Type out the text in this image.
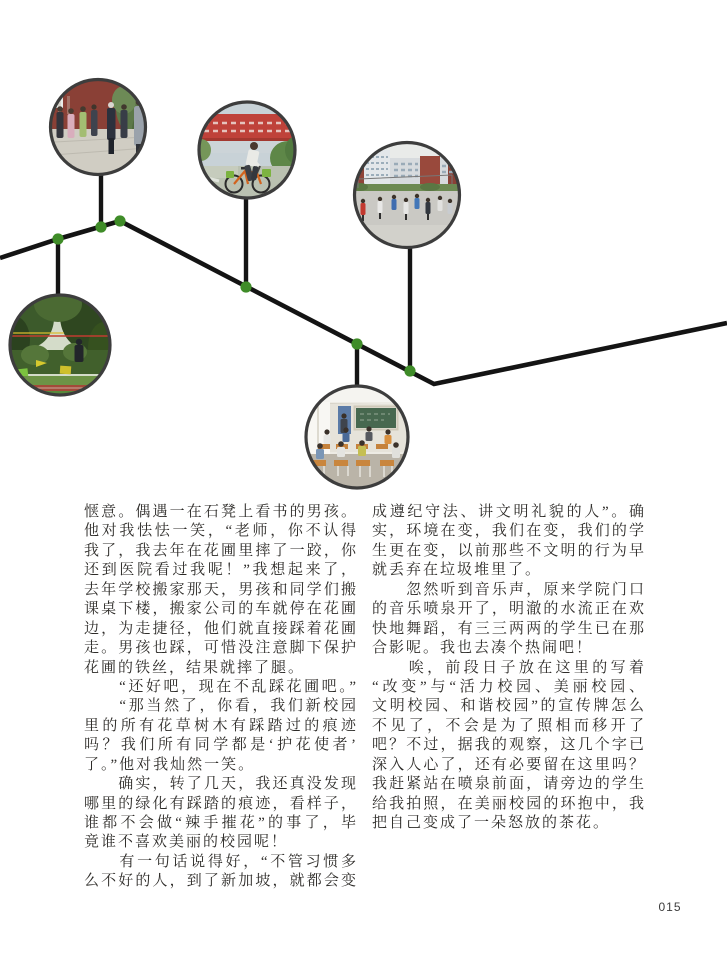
惬意。偶遇一在石凳上看书的男孩。
他对我怯怯一笑，“老师，你不认得
我了，我去年在花圃里摔了一跤，你
还到医院看过我呢！”我想起来了，
去年学校搬家那天，男孩和同学们搬
课桌下楼，搬家公司的车就停在花圃
边，为走捷径，他们就直接踩着花圃
走。男孩也踩，可惜没注意脚下保护
花圃的铁丝，结果就摔了腿。
　　“还好吧，现在不乱踩花圃吧。”
　　“那当然了，你看，我们新校园
里的所有花草树木有踩踏过的痕迹
吗？我们所有同学都是‘护花使者’
了。”他对我灿然一笑。
　　确实，转了几天，我还真没发现
哪里的绿化有踩踏的痕迹，看样子，
谁都不会做“辣手摧花”的事了，毕
竟谁不喜欢美丽的校园呢！
　　有一句话说得好，“不管习惯多
么不好的人，到了新加坡，就都会变
成遵纪守法、讲文明礼貌的人”。确
实，环境在变，我们在变，我们的学
生更在变，以前那些不文明的行为早
就丢弃在垃圾堆里了。
　　忽然听到音乐声，原来学院门口
的音乐喷泉开了，明澈的水流正在欢
快地舞蹈，有三三两两的学生已在那
合影呢。我也去凑个热闹吧！
　　唉，前段日子放在这里的写着
“改变”与“活力校园、美丽校园、
文明校园、和谐校园”的宣传牌怎么
不见了，不会是为了照相而移开了
吧？不过，据我的观察，这几个字已
深入人心了，还有必要留在这里吗？
我赶紧站在喷泉前面，请旁边的学生
给我拍照，在美丽校园的环抱中，我
把自己变成了一朵怒放的茶花。
015
